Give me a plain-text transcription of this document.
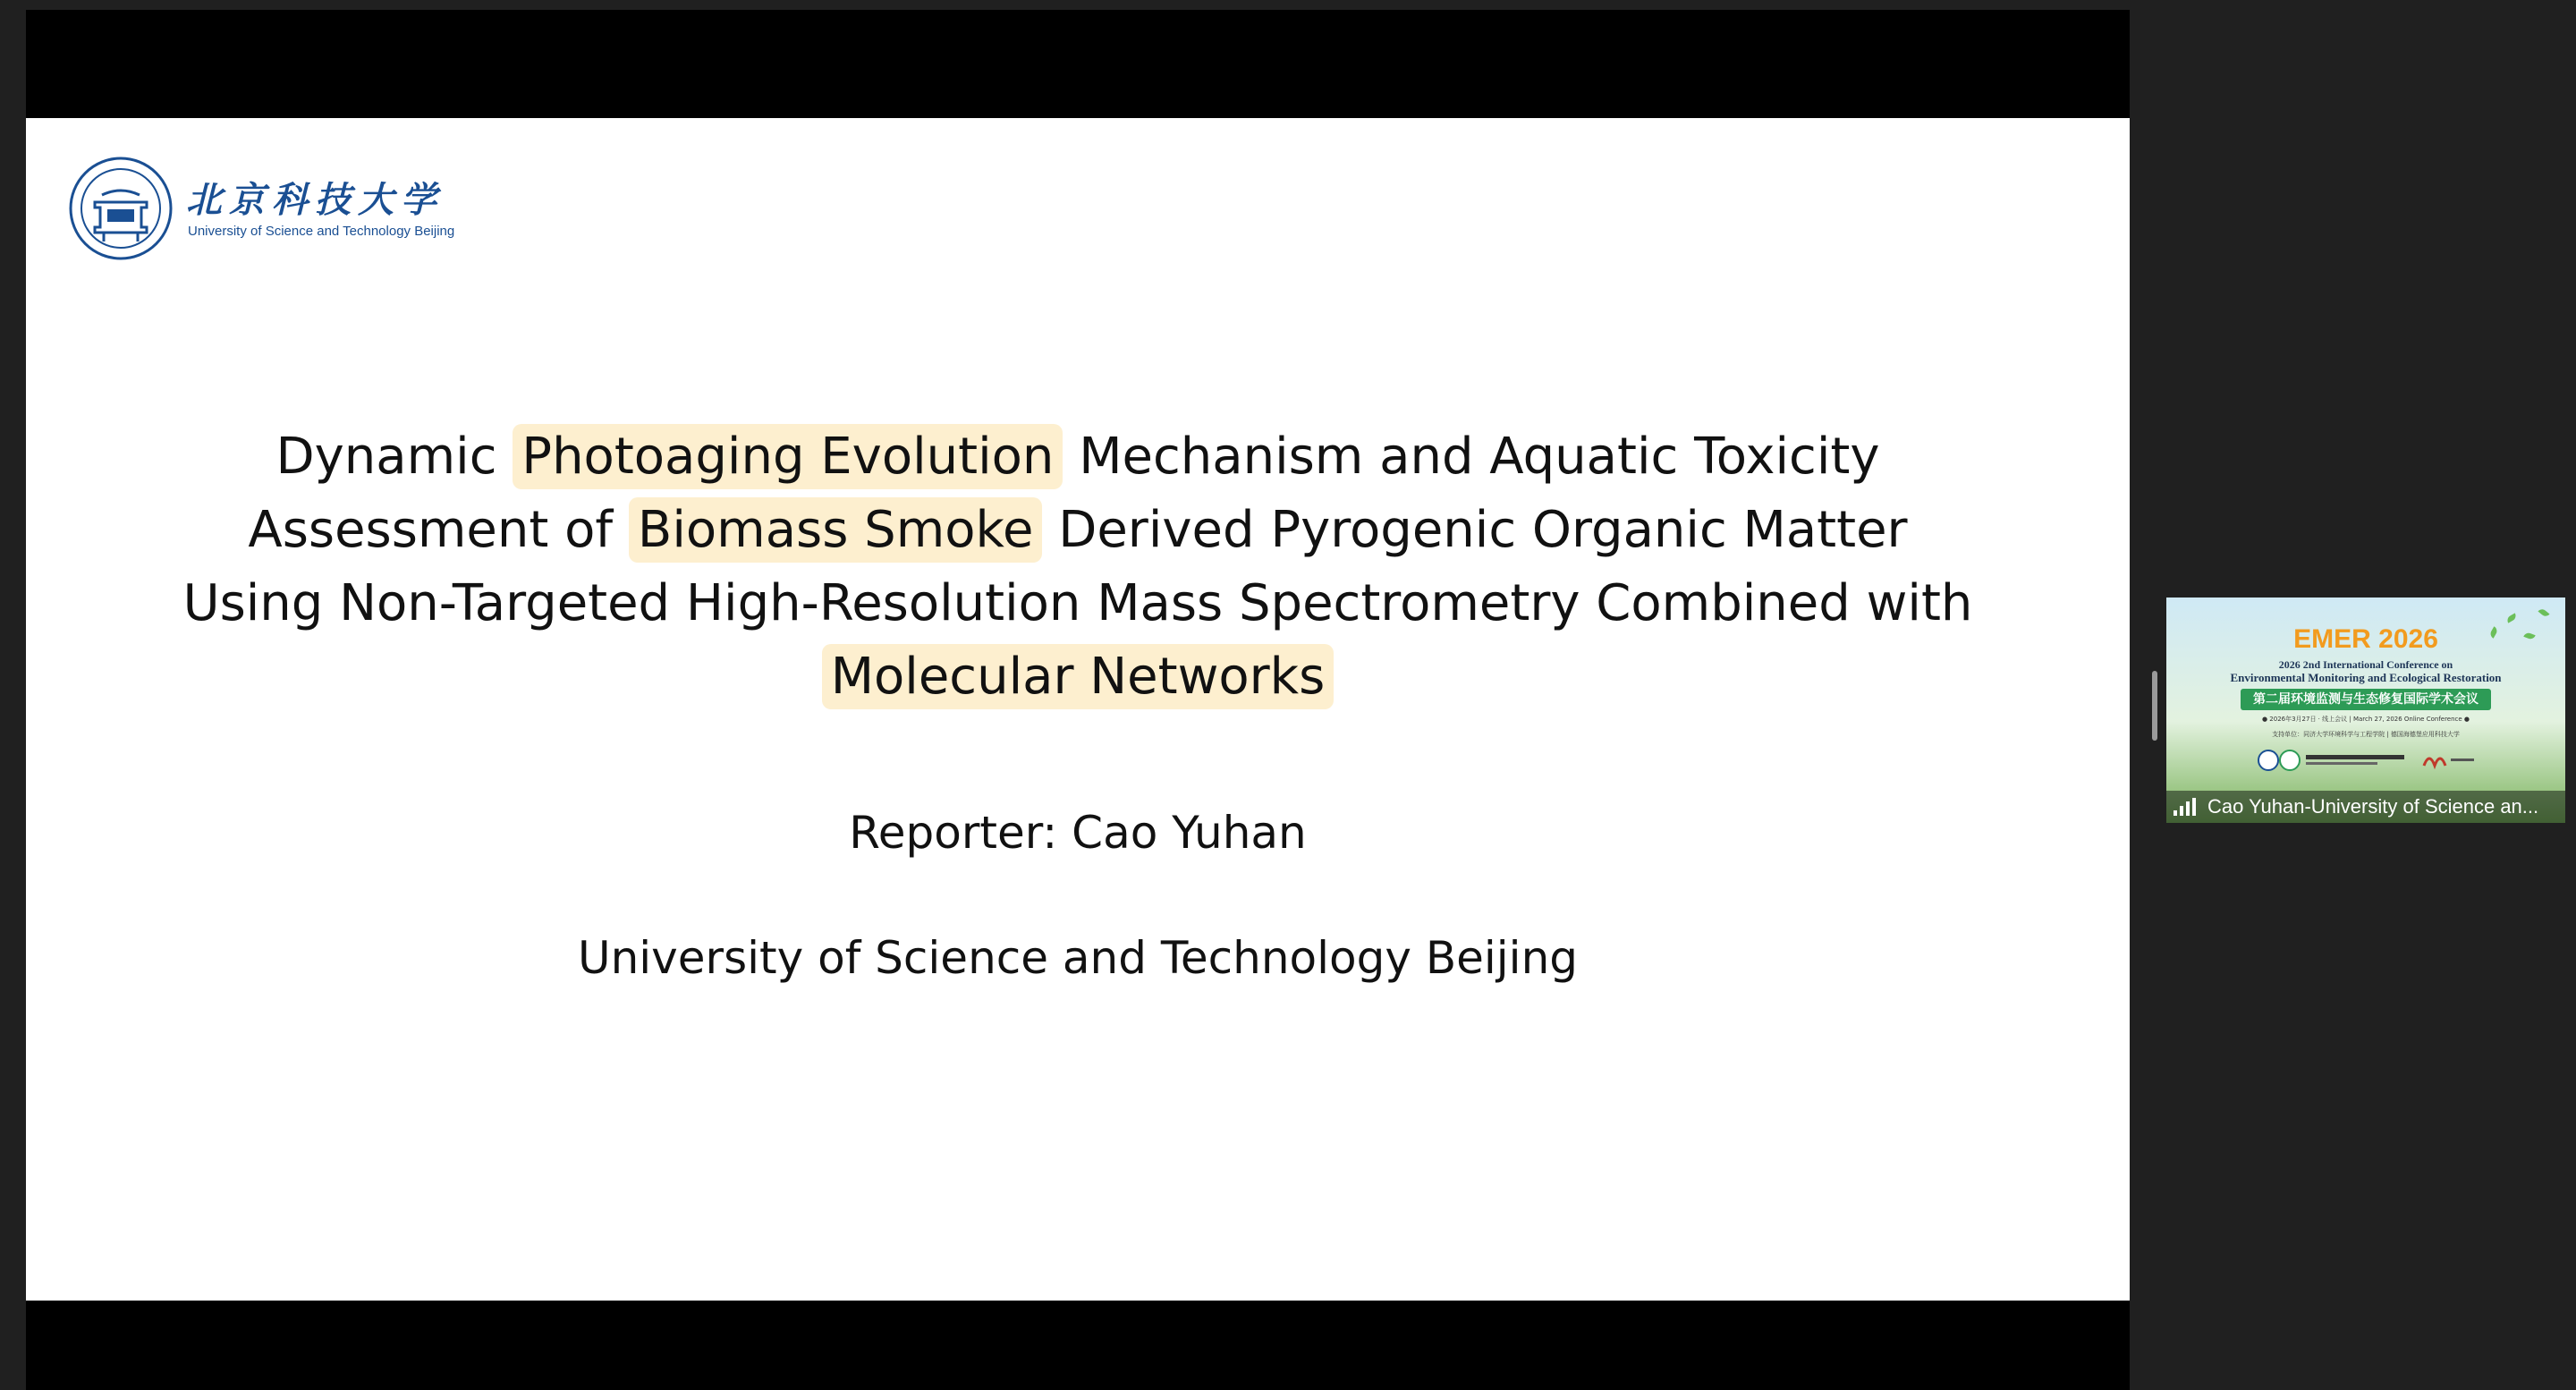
北京科技大学
University of Science and Technology Beijing
Dynamic Photoaging Evolution Mechanism and Aquatic Toxicity
Assessment of Biomass Smoke Derived Pyrogenic Organic Matter
Using Non-Targeted High-Resolution Mass Spectrometry Combined with
Molecular Networks
Reporter: Cao Yuhan
University of Science and Technology Beijing
EMER 2026
2026 2nd International Conference on
Environmental Monitoring and Ecological Restoration
第二届环境监测与生态修复国际学术会议
● 2026年3月27日 · 线上会议 | March 27, 2026 Online Conference ●
支持单位：同济大学环境科学与工程学院 | 德国海德堡应用科技大学
Cao Yuhan-University of Science an...
